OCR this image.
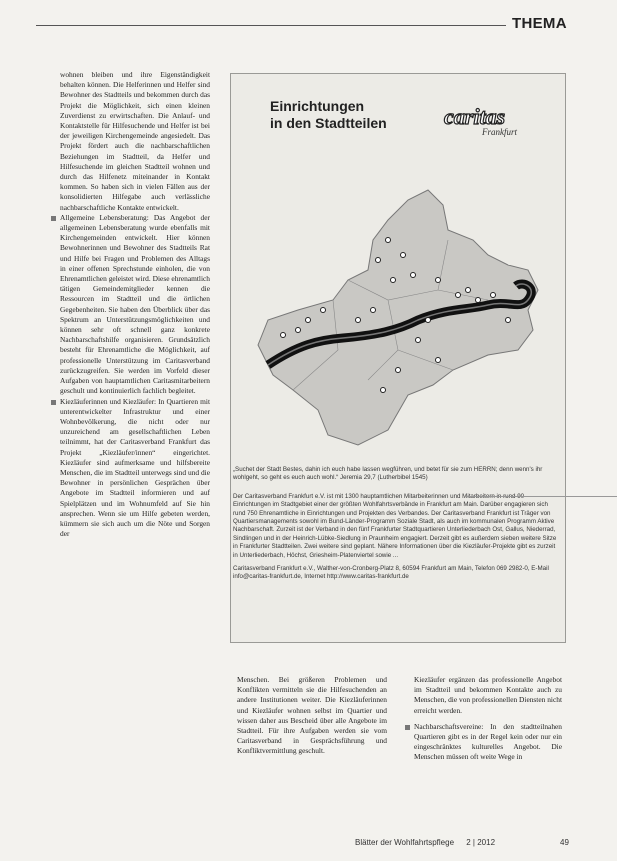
THEMA

wohnen bleiben und ihre Eigenständigkeit behalten können. Die Helferinnen und Helfer sind Bewohner des Stadtteils und bekommen durch das Projekt die Möglichkeit, sich einen kleinen Zuverdienst zu erwirtschaften. Die Anlauf- und Kontaktstelle für Hilfesuchende und Helfer ist bei der jeweiligen Kirchengemeinde angesiedelt. Das Projekt fördert auch die nachbarschaftlichen Beziehungen im Stadtteil, da Helfer und Hilfesuchende im gleichen Stadtteil wohnen und durch das Hilfenetz miteinander in Kontakt kommen. So haben sich in vielen Fällen aus der konsolidierten Hilfegabe auch verlässliche nachbarschaftliche Kontakte entwickelt.

Allgemeine Lebensberatung: Das Angebot der allgemeinen Lebensberatung wurde ebenfalls mit Kirchengemeinden entwickelt. Hier können Bewohnerinnen und Bewohner des Stadtteils Rat und Hilfe bei Fragen und Problemen des Alltags in einer offenen Sprechstunde einholen, die von Ehrenamtlichen geleistet wird. Diese ehrenamtlich tätigen Gemeindemitglieder kennen die Ressourcen im Stadtteil und die örtlichen Gegebenheiten. Sie haben den Überblick über das Spektrum an Unterstützungsmöglichkeiten und können sehr oft schnell ganz konkrete Nachbarschaftshilfe organisieren. Grundsätzlich besteht für Ehrenamtliche die Möglichkeit, auf professionelle Unterstützung im Caritasverband zurückzugreifen. Sie werden im Vorfeld dieser Aufgaben von hauptamtlichen Caritasmitarbeitern geschult und kontinuierlich fachlich begleitet.

Kiezläuferinnen und Kiezläufer: In Quartieren mit unterentwickelter Infrastruktur und einer Wohnbevölkerung, die nicht oder nur unzureichend am gesellschaftlichen Leben teilnimmt, hat der Caritasverband Frankfurt das Projekt „Kiezläufer/innen“ eingerichtet. Kiezläufer sind aufmerksame und hilfsbereite Menschen, die im Stadtteil unterwegs sind und die Bewohner in persönlichen Gesprächen über Angebote im Stadtteil informieren und auf Spielplätzen und im Wohnumfeld auf Sie hin ansprechen. Wenn sie um Hilfe gebeten werden, kümmern sie sich auch um die Nöte und Sorgen der

Einrichtungen
in den Stadtteilen	caritas
Frankfurt

„Suchet der Stadt Bestes, dahin ich euch habe lassen wegführen, und betet für sie zum HERRN; denn wenn's ihr wohlgeht, so geht es euch auch wohl.“ Jeremia 29,7 (Lutherbibel 1545)

Der Caritasverband Frankfurt e.V. ist mit 1300 hauptamtlichen Mitarbeiterinnen und Mitarbeitern in rund 90 Einrichtungen im Stadtgebiet einer der größten Wohlfahrtsverbände in Frankfurt am Main. Darüber engagieren sich rund 750 Ehrenamtliche in Einrichtungen und Projekten des Verbandes. Der Caritasverband Frankfurt ist Träger von Quartiersmanagements sowohl im Bund-Länder-Programm Soziale Stadt, als auch im kommunalen Programm Aktive Nachbarschaft. Zurzeit ist der Verband in den fünf Frankfurter Stadtquartieren Unterliederbach Ost, Gallus, Niederrad, Sindlingen und in der Heinrich-Lübke-Siedlung in Praunheim engagiert. Derzeit gibt es außerdem sieben weitere Sitze in Frankfurter Stadtteilen. Zwei weitere sind geplant. Nähere Informationen über die Kiezläufer-Projekte gibt es zurzeit in Unterliederbach, Höchst, Griesheim-Platenviertel sowie ...

Caritasverband Frankfurt e.V., Walther-von-Cronberg-Platz 8, 60594 Frankfurt am Main, Telefon 069 2982-0, E-Mail info@caritas-frankfurt.de, Internet http://www.caritas-frankfurt.de

Menschen. Bei größeren Problemen und Konflikten vermitteln sie die Hilfesuchenden an andere Institutionen weiter. Die Kiezläuferinnen und Kiezläufer wohnen selbst im Quartier und wissen daher aus Bescheid über alle Angebote im Stadtteil. Für ihre Aufgaben werden sie vom Caritasverband in Gesprächsführung und Konfliktvermittlung geschult.

Kiezläufer ergänzen das professionelle Angebot im Stadtteil und bekommen Kontakte auch zu Menschen, die von professionellen Diensten nicht erreicht werden.

Nachbarschaftsvereine: In den stadtteilnahen Quartieren gibt es in der Regel kein oder nur ein eingeschränktes kulturelles Angebot. Die Menschen müssen oft weite Wege in

Blätter der Wohlfahrtspflege 2 | 2012	49
